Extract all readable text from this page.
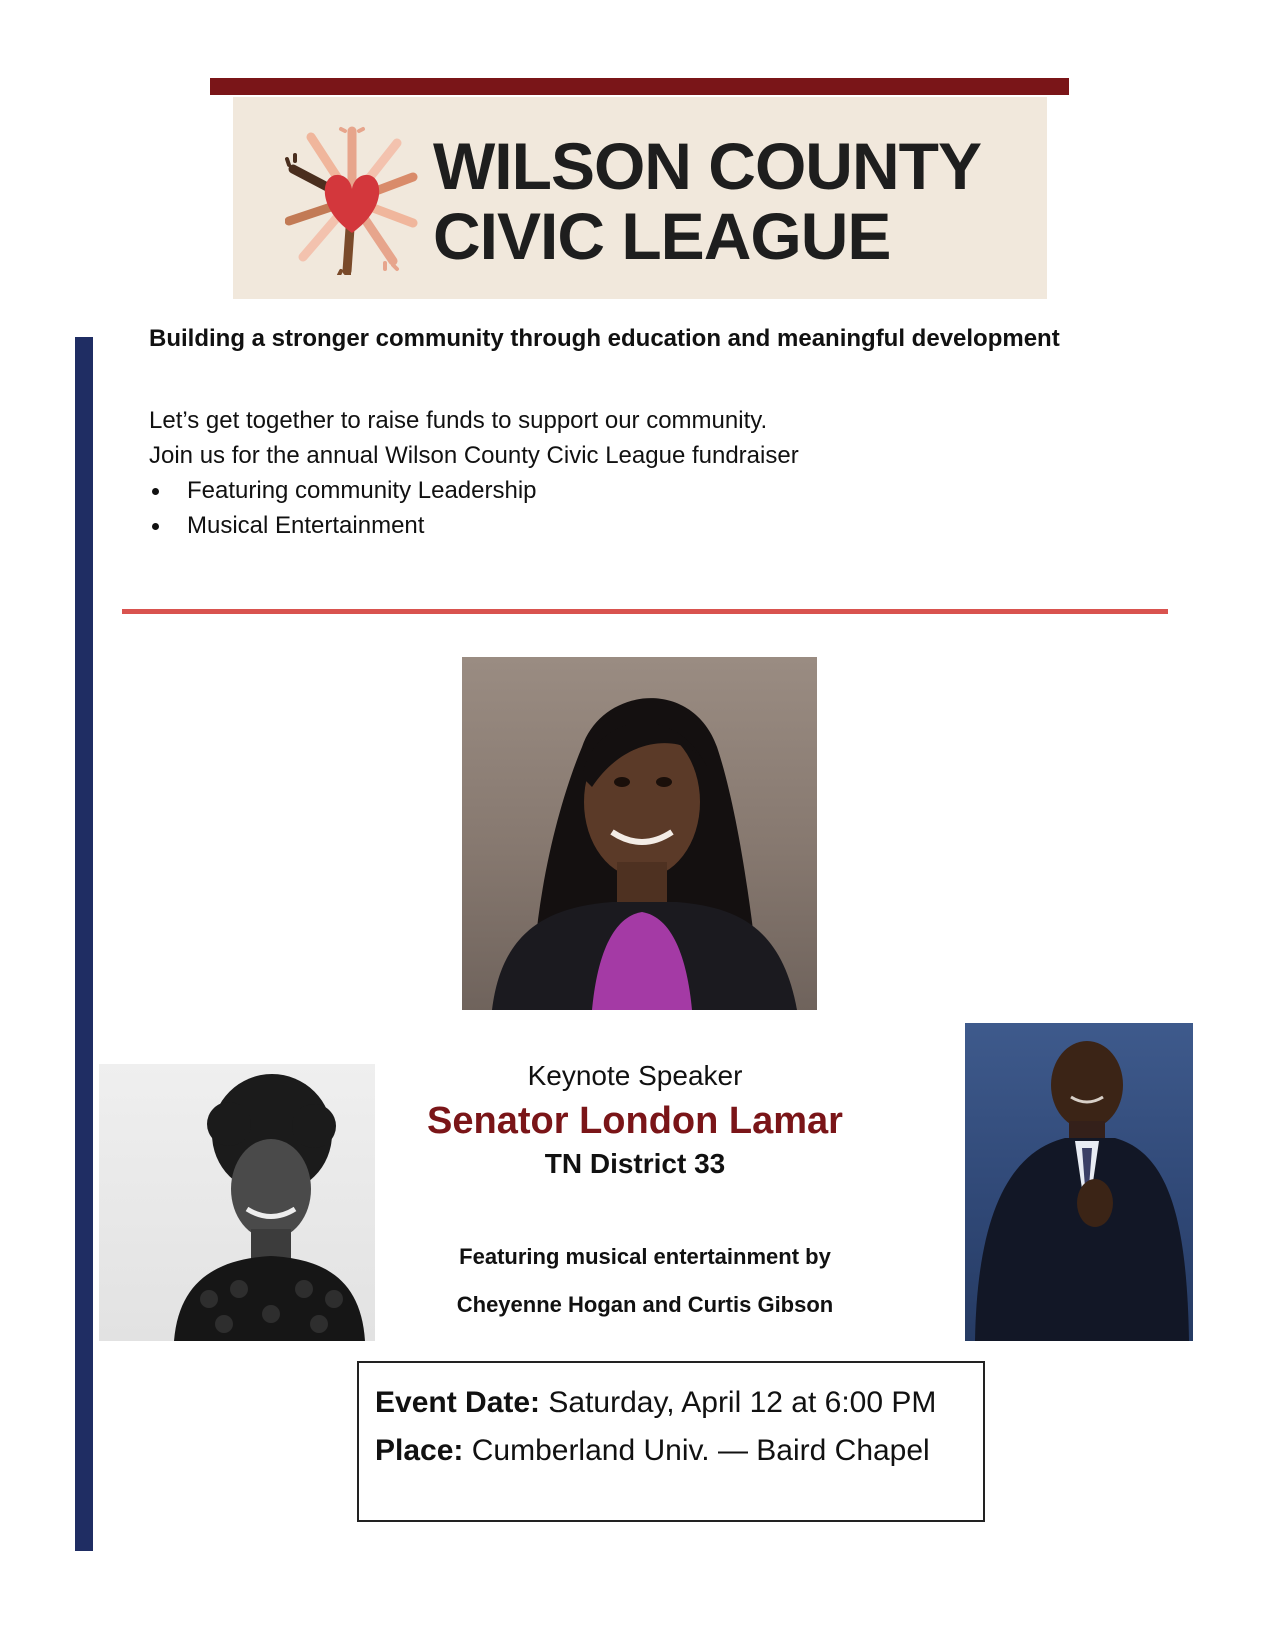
WILSON COUNTY
CIVIC LEAGUE
Building a stronger community through education and meaningful development
Let’s get together to raise funds to support our community.
Join us for the annual Wilson County Civic League fundraiser
Featuring community Leadership
Musical Entertainment
Keynote Speaker
Senator London Lamar
TN District 33
Featuring musical entertainment by
Cheyenne Hogan and Curtis Gibson
Event Date: Saturday, April 12 at 6:00 PM
Place: Cumberland Univ. — Baird Chapel
